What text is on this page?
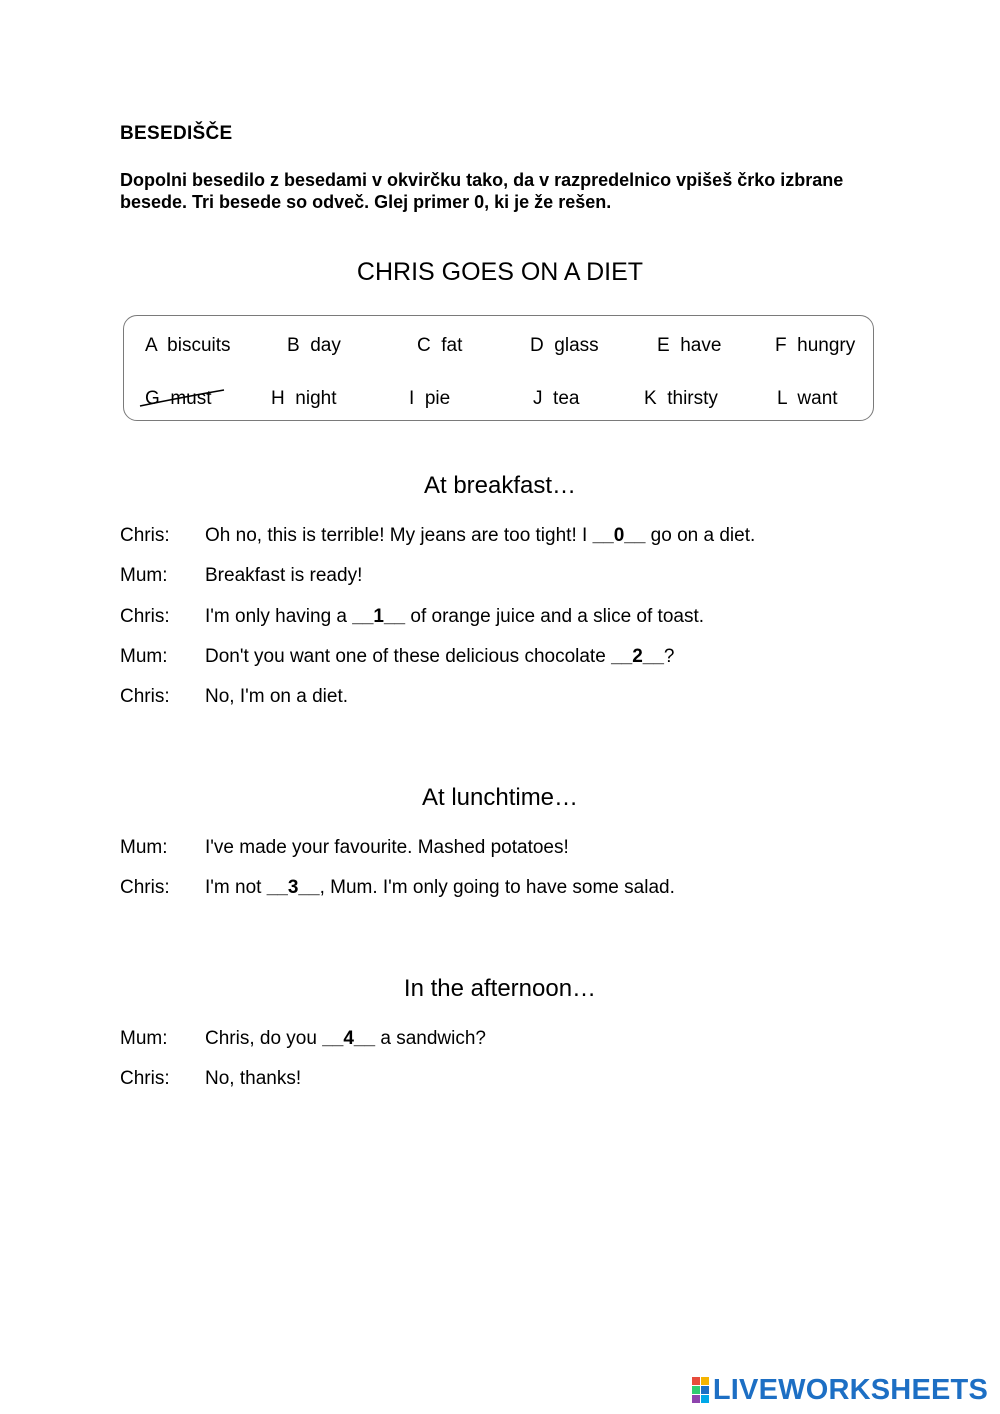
BESEDIŠČE
Dopolni besedilo z besedami v okvirčku tako, da v razpredelnico vpišeš črko izbrane besede. Tri besede so odveč. Glej primer 0, ki je že rešen.
CHRIS GOES ON A DIET
A  biscuits	B  day	C  fat	D  glass	E  have	F  hungry
G  must	H  night	I  pie	J  tea	K  thirsty	L  want
At breakfast…

Chris:

Oh no, this is terrible! My jeans are too tight! I __0__ go on a diet.

Mum:

Breakfast is ready!

Chris:

I'm only having a __1__ of orange juice and a slice of toast.

Mum:

Don't you want one of these delicious chocolate __2__?

Chris:

No, I'm on a diet.

At lunchtime…

Mum:

I've made your favourite. Mashed potatoes!

Chris:

I'm not __3__, Mum. I'm only going to have some salad.

In the afternoon…

Mum:

Chris, do you __4__ a sandwich?

Chris:

No, thanks!

LIVEWORKSHEETS
